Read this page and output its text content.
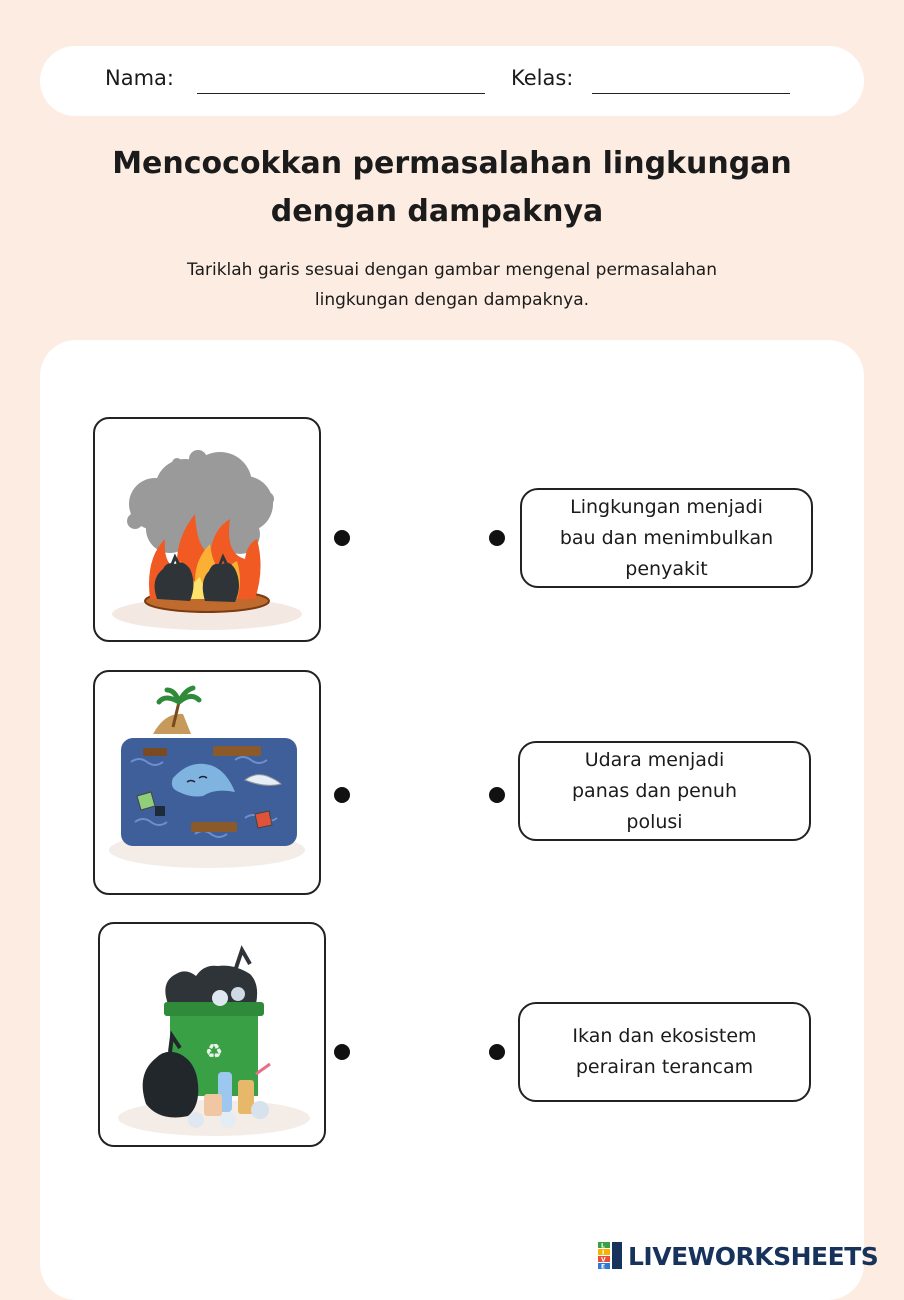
Nama:	Kelas:
Mencocokkan permasalahan lingkungan
dengan dampaknya
Tariklah garis sesuai dengan gambar mengenal permasalahan
lingkungan dengan dampaknya.
♻
Lingkungan menjadi
bau dan menimbulkan
penyakit
Udara menjadi
panas dan penuh
polusi
Ikan dan ekosistem
perairan terancam
L
I
V
E LIVEWORKSHEETS
